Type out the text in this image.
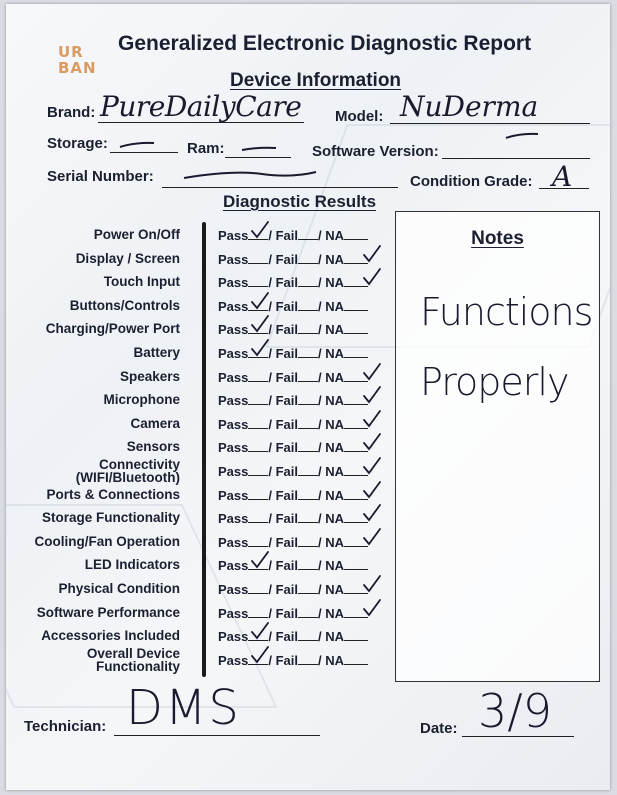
UR
BAN
Generalized Electronic Diagnostic Report
Device Information
Brand: PureDailyCare Model: NuDerma
Storage:	Ram:	Software Version:
Serial Number:	Condition Grade: A
Diagnostic Results
Power On/Off	Pass / Fail / NA
Display / Screen	Pass / Fail / NA
Touch Input	Pass / Fail / NA
Buttons/Controls	Pass / Fail / NA
Charging/Power Port	Pass / Fail / NA
Battery	Pass / Fail / NA
Speakers	Pass / Fail / NA
Microphone	Pass / Fail / NA
Camera	Pass / Fail / NA
Sensors	Pass / Fail / NA
Connectivity
(WIFI/Bluetooth)	Pass / Fail / NA
Ports & Connections	Pass / Fail / NA
Storage Functionality	Pass / Fail / NA
Cooling/Fan Operation	Pass / Fail / NA
LED Indicators	Pass / Fail / NA
Physical Condition	Pass / Fail / NA
Software Performance	Pass / Fail / NA
Accessories Included	Pass / Fail / NA
Overall Device
Functionality	Pass / Fail / NA
Notes
Functions
Properly
Technician: DMS	Date: 3/9
